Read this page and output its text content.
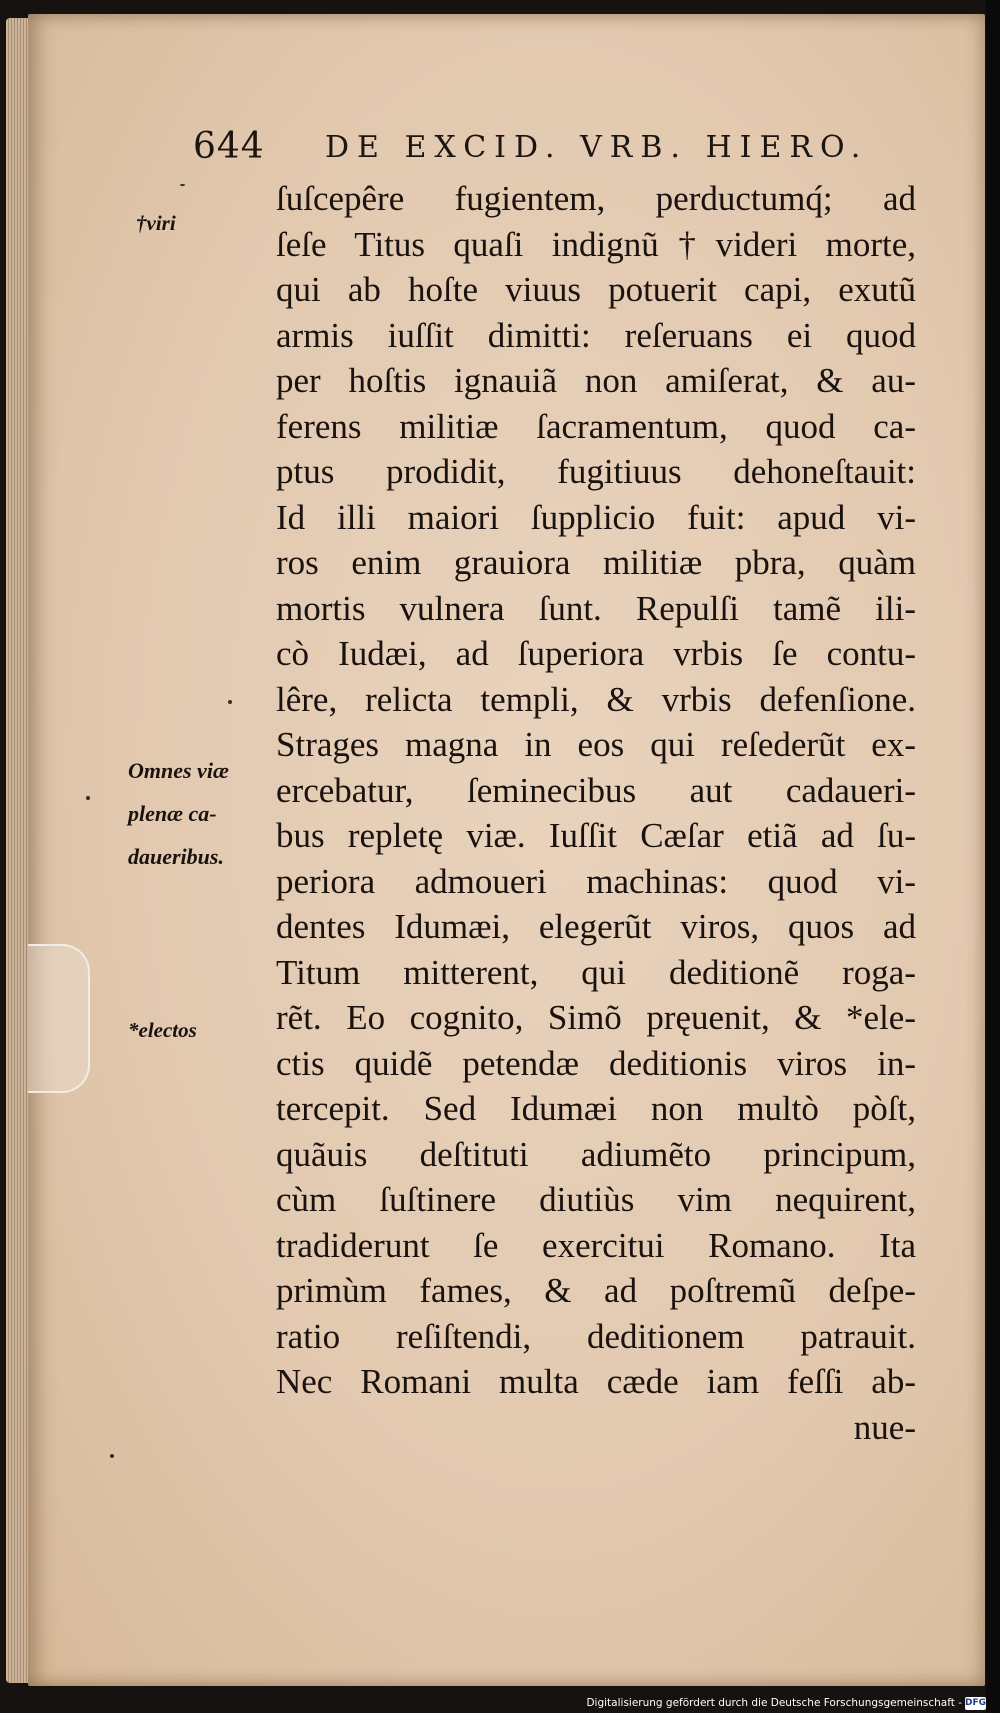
644 DE EXCID. VRB. HIERO.
†viri
Omnes viæ
plenæ ca-
daueribus.
*electos
ſuſcepêre fugientem, perductumq́; ad
ſeſe Titus quaſi indignũ†videri morte,
qui ab hoſte viuus potuerit capi, exutũ
armis iuſſit dimitti: reſeruans ei quod
per hoſtis ignauiã non amiſerat, & au-
ferens militiæ ſacramentum, quod ca-
ptus prodidit, fugitiuus dehoneſtauit:
Id illi maiori ſupplicio fuit: apud vi-
ros enim grauiora militiæ pbra, quàm
mortis vulnera ſunt. Repulſi tamẽ ili-
cò Iudæi, ad ſuperiora vrbis ſe contu-
lêre, relicta templi, & vrbis defenſione.
Strages magna in eos qui reſederũt ex-
ercebatur, ſeminecibus aut cadaueri-
bus repletę viæ. Iuſſit Cæſar etiã ad ſu-
periora admoueri machinas: quod vi-
dentes Idumæi, elegerũt viros, quos ad
Titum mitterent, qui deditionẽ roga-
rẽt. Eo cognito, Simõ pręuenit, & *ele-
ctis quidẽ petendæ deditionis viros in-
tercepit. Sed Idumæi non multò pòſt,
quãuis deſtituti adiumẽto principum,
cùm ſuſtinere diutiùs vim nequirent,
tradiderunt ſe exercitui Romano. Ita
primùm fames, & ad poſtremũ deſpe-
ratio reſiſtendi, deditionem patrauit.
Nec Romani multa cæde iam feſſi ab-
nue-
Digitalisierung gefördert durch die Deutsche Forschungsgemeinschaft - DFG
